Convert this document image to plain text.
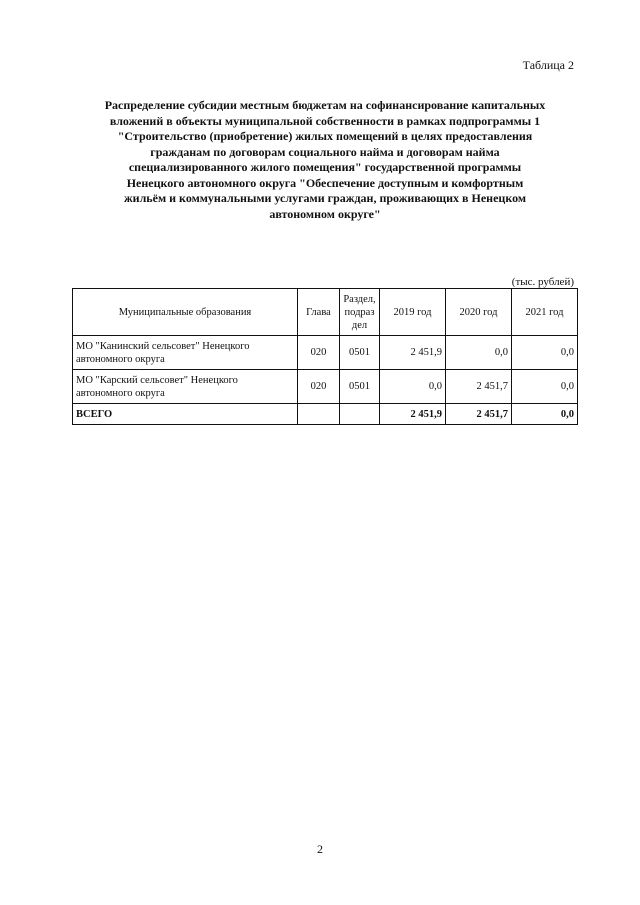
Таблица 2
Распределение субсидии местным бюджетам на софинансирование капитальных
вложений в объекты муниципальной собственности в рамках подпрограммы 1
"Строительство (приобретение) жилых помещений в целях предоставления
гражданам по договорам социального найма и договорам найма
специализированного жилого помещения" государственной программы
Ненецкого автономного округа "Обеспечение доступным и комфортным
жильём и коммунальными услугами граждан, проживающих в Ненецком
автономном округе"
(тыс. рублей)
Муниципальные образования	Глава	Раздел, подраз дел	2019 год	2020 год	2021 год
МО "Канинский сельсовет" Ненецкого автономного округа	020	0501	2 451,9	0,0	0,0
МО "Карский сельсовет" Ненецкого автономного округа	020	0501	0,0	2 451,7	0,0
ВСЕГО			2 451,9	2 451,7	0,0
2
